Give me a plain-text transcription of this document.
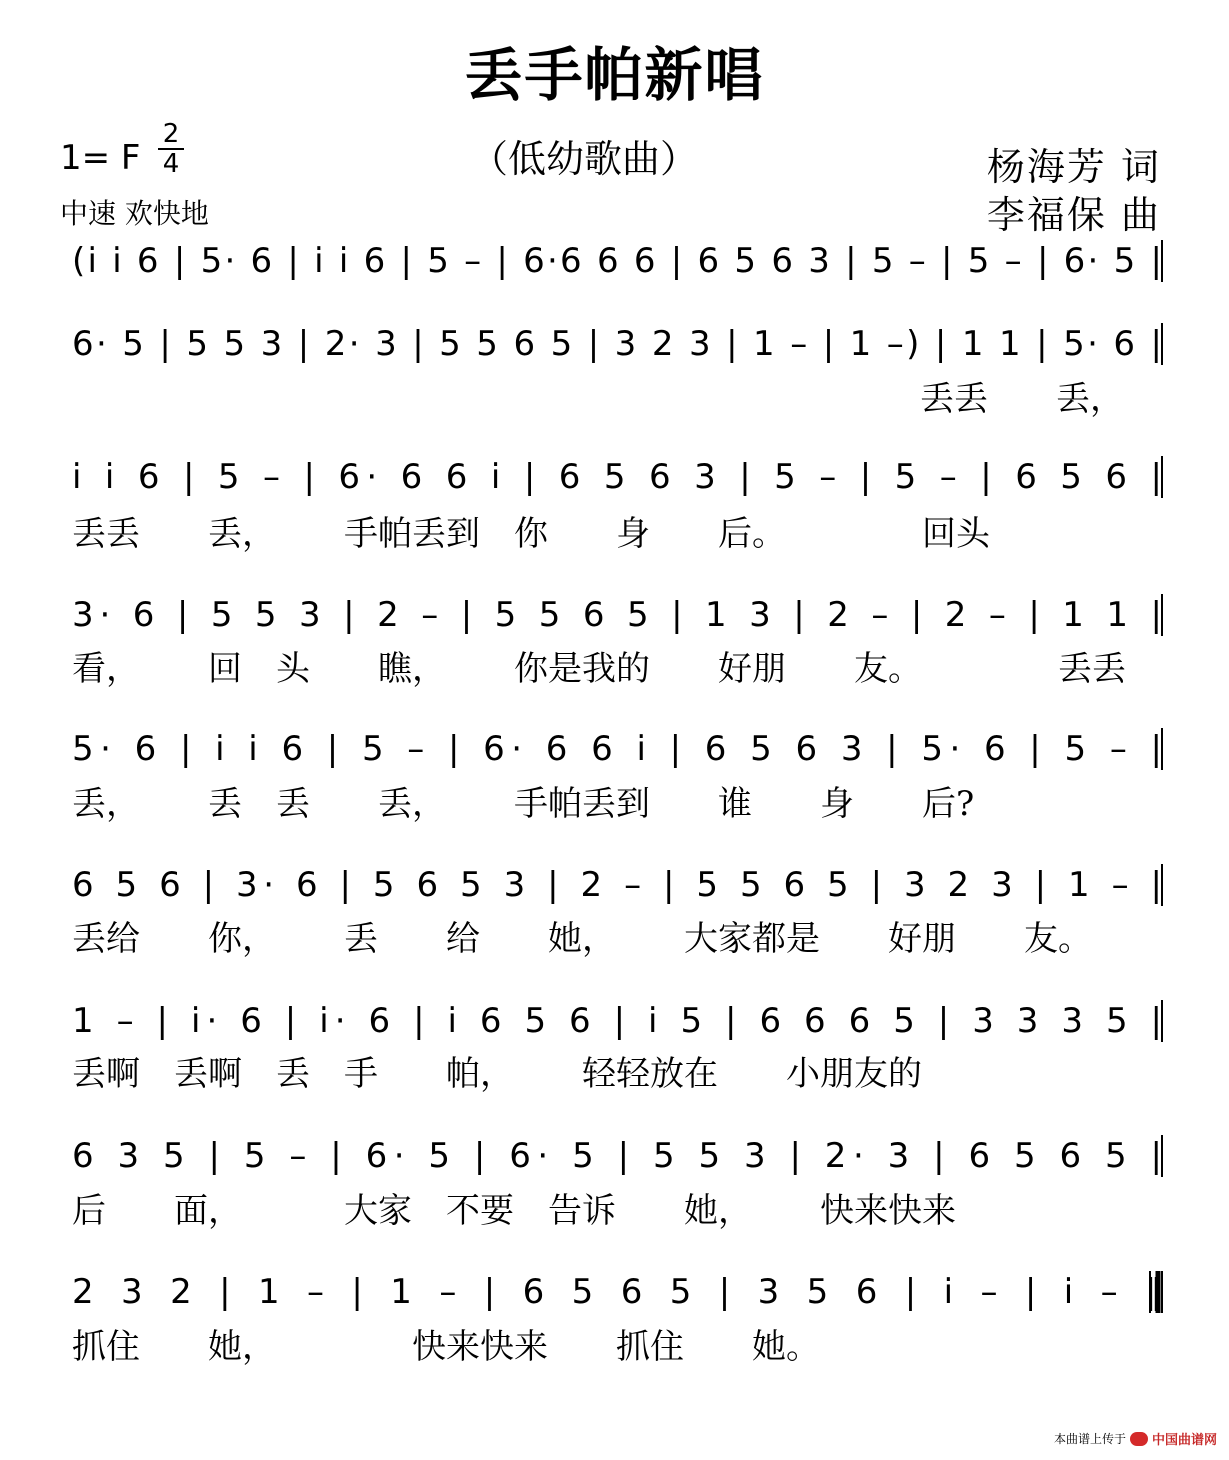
丢手帕新唱
1= F
2
4
中速 欢快地
（低幼歌曲）	杨海芳 词
李福保 曲
(i̇ i̇ 6 | 5· 6 | i̇ i̇ 6 | 5 – | 6·6 6 6 | 6 5 6 3 | 5 – | 5 – | 6· 5 |
6· 5 | 5 5 3 | 2· 3 | 5 5 6 5 | 3 2 3 | 1 – | 1 –) | 1 1 | 5· 6 |
丢丢  丢，
i̇ i̇ 6 | 5 – | 6· 6 6 i̇ | 6 5 6 3 | 5 – | 5 – | 6 5 6 |
丢丢  丢，  手帕丢到 你  身  后。    回头
3· 6 | 5 5 3 | 2 – | 5 5 6 5 | 1 3 | 2 – | 2 – | 1 1 |
看，  回 头  瞧，  你是我的  好朋  友。    丢丢
5· 6 | i̇ i̇ 6 | 5 – | 6· 6 6 i̇ | 6 5 6 3 | 5· 6 | 5 – |
丢，  丢 丢  丢，  手帕丢到  谁  身  后?
6 5 6 | 3· 6 | 5 6 5 3 | 2 – | 5 5 6 5 | 3 2 3 | 1 – |
丢给  你，  丢  给  她，  大家都是  好朋  友。
1 – | i̇· 6 | i̇· 6 | i̇ 6 5 6 | i̇ 5 | 6 6 6 5 | 3 3 3 5 |
丢啊 丢啊 丢 手  帕，  轻轻放在  小朋友的
6 3 5 | 5 – | 6· 5 | 6· 5 | 5 5 3 | 2· 3 | 6 5 6 5 |
后  面，   大家 不要 告诉  她，  快来快来
2 3 2 | 1 – | 1 – | 6 5 6 5 | 3 5 6 | i̇ – | i̇ – ‖
抓住  她，    快来快来  抓住  她。
本曲谱上传于 中国曲谱网
